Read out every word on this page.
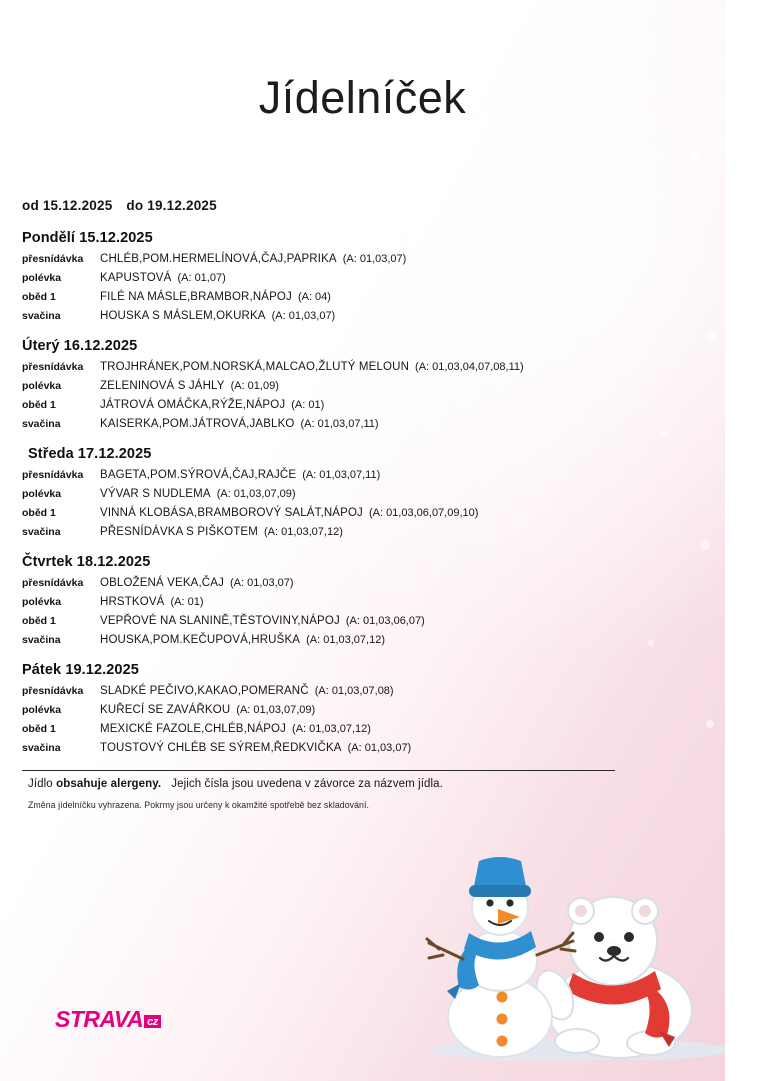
Jídelníček
od 15.12.2025 do 19.12.2025
Pondělí 15.12.2025
přesnídávka	CHLÉB,POM.HERMELÍNOVÁ,ČAJ,PAPRIKA (A: 01,03,07)
polévka	KAPUSTOVÁ (A: 01,07)
oběd 1	FILÉ NA MÁSLE,BRAMBOR,NÁPOJ (A: 04)
svačina	HOUSKA S MÁSLEM,OKURKA (A: 01,03,07)
Úterý 16.12.2025
přesnídávka	TROJHRÁNEK,POM.NORSKÁ,MALCAO,ŽLUTÝ MELOUN (A: 01,03,04,07,08,11)
polévka	ZELENINOVÁ S JÁHLY (A: 01,09)
oběd 1	JÁTROVÁ OMÁČKA,RÝŽE,NÁPOJ (A: 01)
svačina	KAISERKA,POM.JÁTROVÁ,JABLKO (A: 01,03,07,11)
Středa 17.12.2025
přesnídávka	BAGETA,POM.SÝROVÁ,ČAJ,RAJČE (A: 01,03,07,11)
polévka	VÝVAR S NUDLEMA (A: 01,03,07,09)
oběd 1	VINNÁ KLOBÁSA,BRAMBOROVÝ SALÁT,NÁPOJ (A: 01,03,06,07,09,10)
svačina	PŘESNÍDÁVKA S PIŠKOTEM (A: 01,03,07,12)
Čtvrtek 18.12.2025
přesnídávka	OBLOŽENÁ VEKA,ČAJ (A: 01,03,07)
polévka	HRSTKOVÁ (A: 01)
oběd 1	VEPŘOVÉ NA SLANINĚ,TĚSTOVINY,NÁPOJ (A: 01,03,06,07)
svačina	HOUSKA,POM.KEČUPOVÁ,HRUŠKA (A: 01,03,07,12)
Pátek 19.12.2025
přesnídávka	SLADKÉ PEČIVO,KAKAO,POMERANČ (A: 01,03,07,08)
polévka	KUŘECÍ SE ZAVÁŘKOU (A: 01,03,07,09)
oběd 1	MEXICKÉ FAZOLE,CHLÉB,NÁPOJ (A: 01,03,07,12)
svačina	TOUSTOVÝ CHLÉB SE SÝREM,ŘEDKVIČKA (A: 01,03,07)
Jídlo obsahuje alergeny. Jejich čísla jsou uvedena v závorce za názvem jídla.
Změna jídelníčku vyhrazena. Pokrmy jsou určeny k okamžité spotřebě bez skladování.
STRAVA cz
